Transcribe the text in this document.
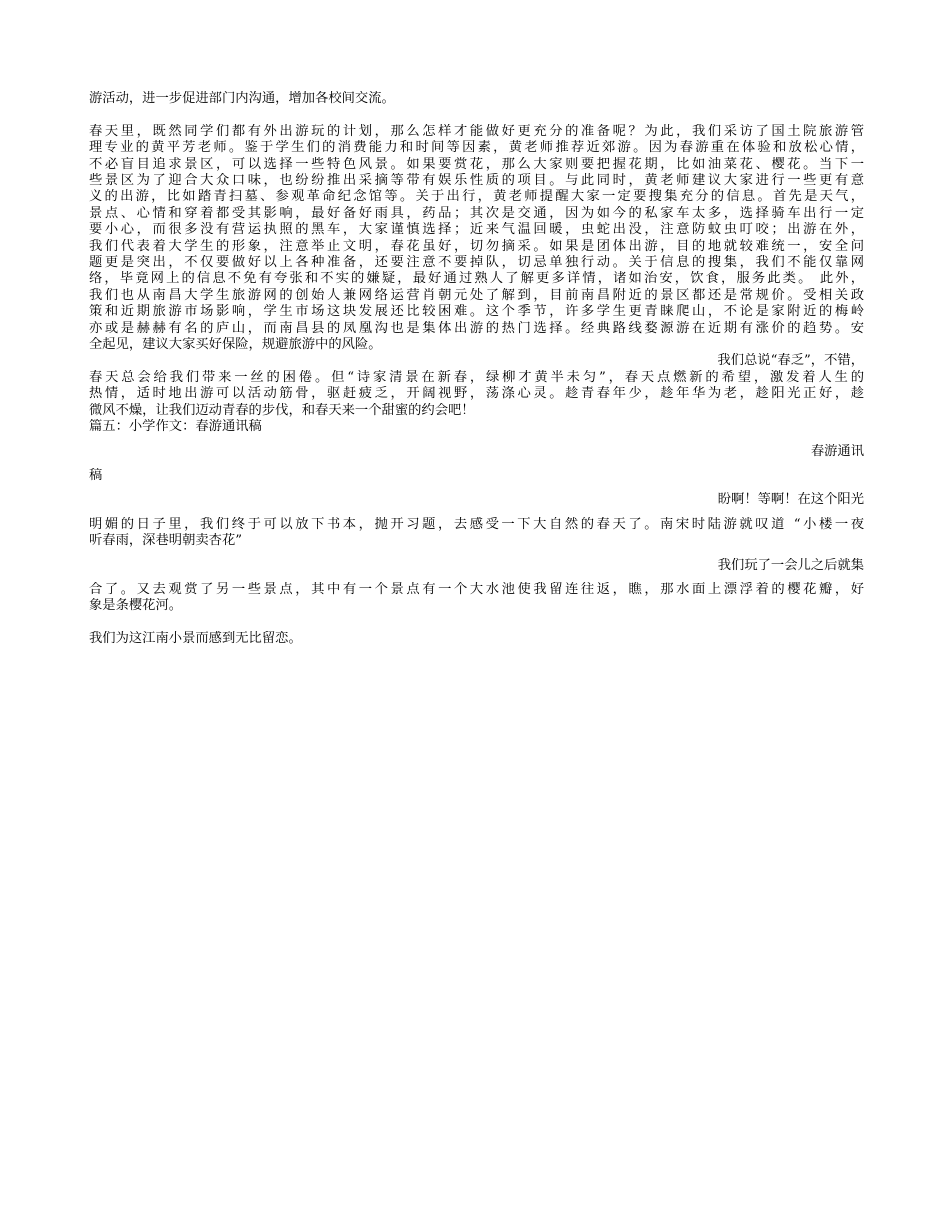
游活动，进一步促进部门内沟通，增加各校间交流。
春天里，既然同学们都有外出游玩的计划，那么怎样才能做好更充分的准备呢？为此，我们采访了国土院旅游管
理专业的黄平芳老师。鉴于学生们的消费能力和时间等因素，黄老师推荐近郊游。因为春游重在体验和放松心情，
不必盲目追求景区，可以选择一些特色风景。如果要赏花，那么大家则要把握花期，比如油菜花、樱花。当下一
些景区为了迎合大众口味，也纷纷推出采摘等带有娱乐性质的项目。与此同时，黄老师建议大家进行一些更有意
义的出游，比如踏青扫墓、参观革命纪念馆等。关于出行，黄老师提醒大家一定要搜集充分的信息。首先是天气，
景点、心情和穿着都受其影响，最好备好雨具，药品；其次是交通，因为如今的私家车太多，选择骑车出行一定
要小心，而很多没有营运执照的黑车，大家谨慎选择；近来气温回暖，虫蛇出没，注意防蚊虫叮咬；出游在外，
我们代表着大学生的形象，注意举止文明，春花虽好，切勿摘采。如果是团体出游，目的地就较难统一，安全问
题更是突出，不仅要做好以上各种准备，还要注意不要掉队，切忌单独行动。关于信息的搜集，我们不能仅靠网
络，毕竟网上的信息不免有夸张和不实的嫌疑，最好通过熟人了解更多详情，诸如治安，饮食，服务此类。 此外，
我们也从南昌大学生旅游网的创始人兼网络运营肖朝元处了解到，目前南昌附近的景区都还是常规价。受相关政
策和近期旅游市场影响，学生市场这块发展还比较困难。这个季节，许多学生更青睐爬山，不论是家附近的梅岭
亦或是赫赫有名的庐山，而南昌县的凤凰沟也是集体出游的热门选择。经典路线婺源游在近期有涨价的趋势。安
全起见，建议大家买好保险，规避旅游中的风险。
我们总说“春乏”，不错，
春天总会给我们带来一丝的困倦。但“诗家清景在新春，绿柳才黄半未匀”，春天点燃新的希望，激发着人生的
热情，适时地出游可以活动筋骨，驱赶疲乏，开阔视野，荡涤心灵。趁青春年少，趁年华为老，趁阳光正好，趁
微风不燥，让我们迈动青春的步伐，和春天来一个甜蜜的约会吧！
篇五：小学作文：春游通讯稿
春游通讯
稿
盼啊！等啊！在这个阳光
明媚的日子里，我们终于可以放下书本，抛开习题，去感受一下大自然的春天了。南宋时陆游就叹道 “小楼一夜
听春雨，深巷明朝卖杏花”
我们玩了一会儿之后就集
合了。又去观赏了另一些景点，其中有一个景点有一个大水池使我留连往返，瞧，那水面上漂浮着的樱花瓣，好
象是条樱花河。
我们为这江南小景而感到无比留恋。
